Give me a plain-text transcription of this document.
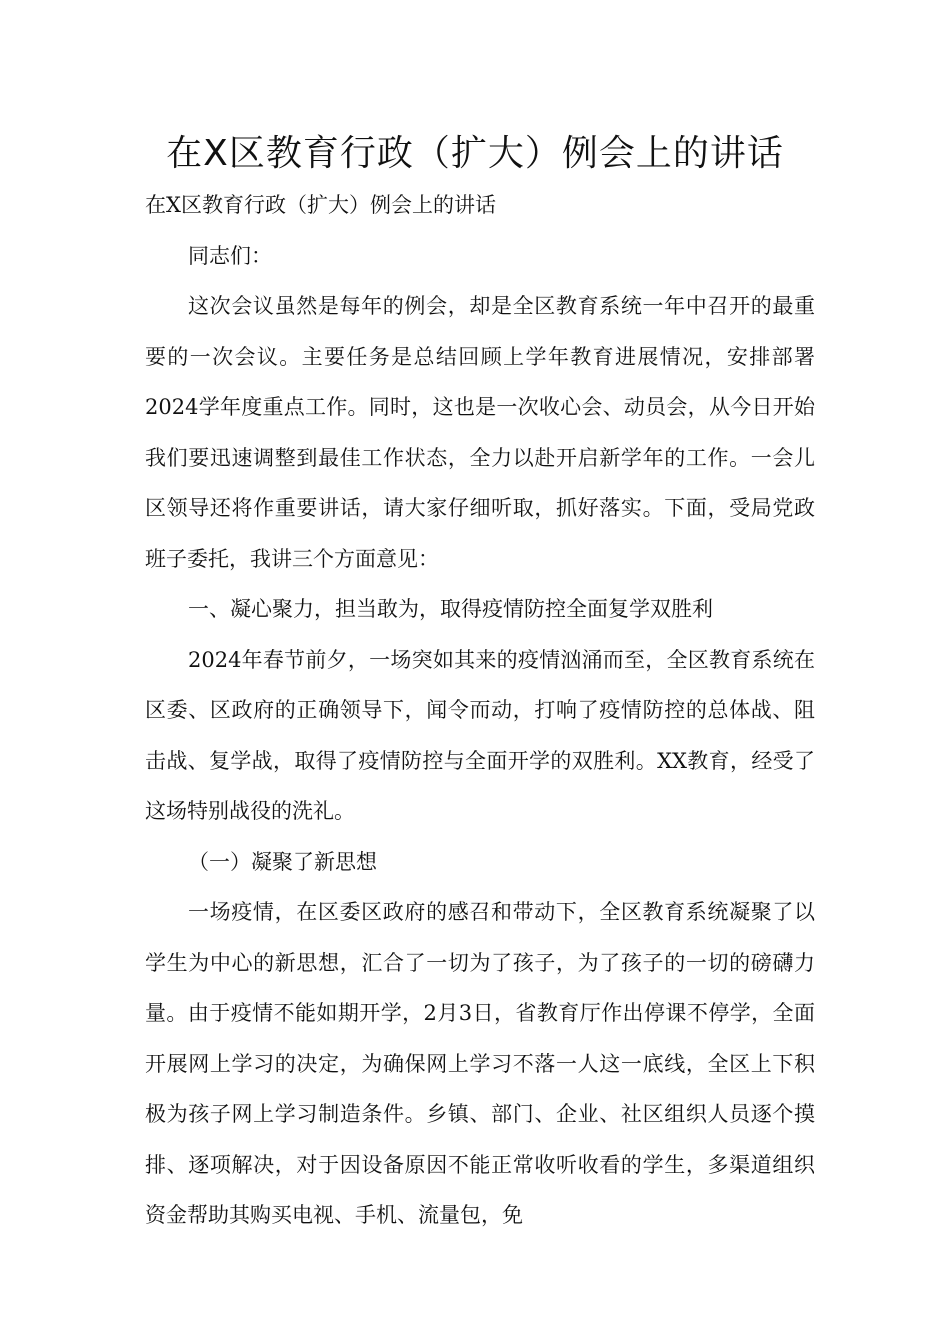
在X区教育行政（扩大）例会上的讲话

在X区教育行政（扩大）例会上的讲话

同志们：

这次会议虽然是每年的例会，却是全区教育系统一年中召开的最重要的一次会议。主要任务是总结回顾上学年教育进展情况，安排部署2024学年度重点工作。同时，这也是一次收心会、动员会，从今日开始我们要迅速调整到最佳工作状态，全力以赴开启新学年的工作。一会儿区领导还将作重要讲话，请大家仔细听取，抓好落实。下面，受局党政班子委托，我讲三个方面意见：

一、凝心聚力，担当敢为，取得疫情防控全面复学双胜利

2024年春节前夕，一场突如其来的疫情汹涌而至，全区教育系统在区委、区政府的正确领导下，闻令而动，打响了疫情防控的总体战、阻击战、复学战，取得了疫情防控与全面开学的双胜利。XX教育，经受了这场特别战役的洗礼。

（一）凝聚了新思想

一场疫情，在区委区政府的感召和带动下，全区教育系统凝聚了以学生为中心的新思想，汇合了一切为了孩子，为了孩子的一切的磅礴力量。由于疫情不能如期开学，2月3日，省教育厅作出停课不停学，全面开展网上学习的决定，为确保网上学习不落一人这一底线，全区上下积极为孩子网上学习制造条件。乡镇、部门、企业、社区组织人员逐个摸排、逐项解决，对于因设备原因不能正常收听收看的学生，多渠道组织资金帮助其购买电视、手机、流量包，免
